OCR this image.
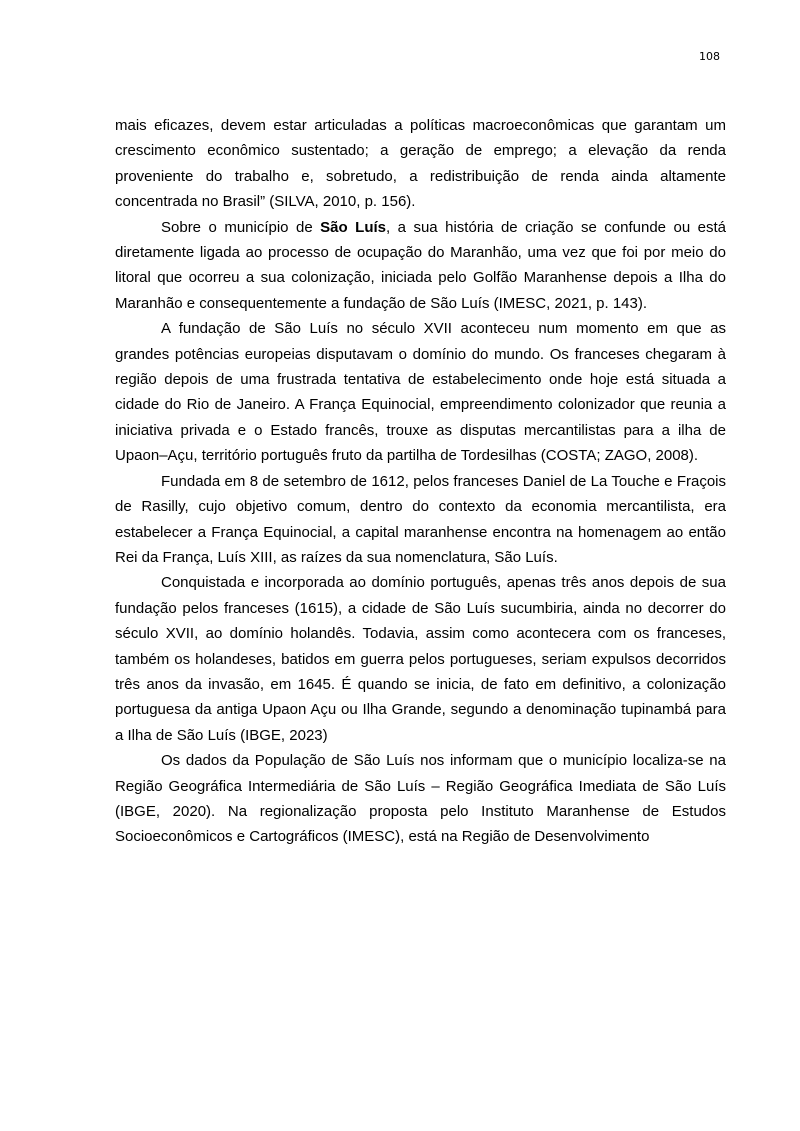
108

mais eficazes, devem estar articuladas a políticas macroeconômicas que garantam um crescimento econômico sustentado; a geração de emprego; a elevação da renda proveniente do trabalho e, sobretudo, a redistribuição de renda ainda altamente concentrada no Brasil” (SILVA, 2010, p. 156).

Sobre o município de São Luís, a sua história de criação se confunde ou está diretamente ligada ao processo de ocupação do Maranhão, uma vez que foi por meio do litoral que ocorreu a sua colonização, iniciada pelo Golfão Maranhense depois a Ilha do Maranhão e consequentemente a fundação de São Luís (IMESC, 2021, p. 143).

A fundação de São Luís no século XVII aconteceu num momento em que as grandes potências europeias disputavam o domínio do mundo. Os franceses chegaram à região depois de uma frustrada tentativa de estabelecimento onde hoje está situada a cidade do Rio de Janeiro. A França Equinocial, empreendimento colonizador que reunia a iniciativa privada e o Estado francês, trouxe as disputas mercantilistas para a ilha de Upaon–Açu, território português fruto da partilha de Tordesilhas (COSTA; ZAGO, 2008).

Fundada em 8 de setembro de 1612, pelos franceses Daniel de La Touche e Fraçois de Rasilly, cujo objetivo comum, dentro do contexto da economia mercantilista, era estabelecer a França Equinocial, a capital maranhense encontra na homenagem ao então Rei da França, Luís XIII, as raízes da sua nomenclatura, São Luís.

Conquistada e incorporada ao domínio português, apenas três anos depois de sua fundação pelos franceses (1615), a cidade de São Luís sucumbiria, ainda no decorrer do século XVII, ao domínio holandês. Todavia, assim como acontecera com os franceses, também os holandeses, batidos em guerra pelos portugueses, seriam expulsos decorridos três anos da invasão, em 1645. É quando se inicia, de fato em definitivo, a colonização portuguesa da antiga Upaon Açu ou Ilha Grande, segundo a denominação tupinambá para a Ilha de São Luís (IBGE, 2023)

Os dados da População de São Luís nos informam que o município localiza-se na Região Geográfica Intermediária de São Luís – Região Geográfica Imediata de São Luís (IBGE, 2020). Na regionalização proposta pelo Instituto Maranhense de Estudos Socioeconômicos e Cartográficos (IMESC), está na Região de Desenvolvimento
